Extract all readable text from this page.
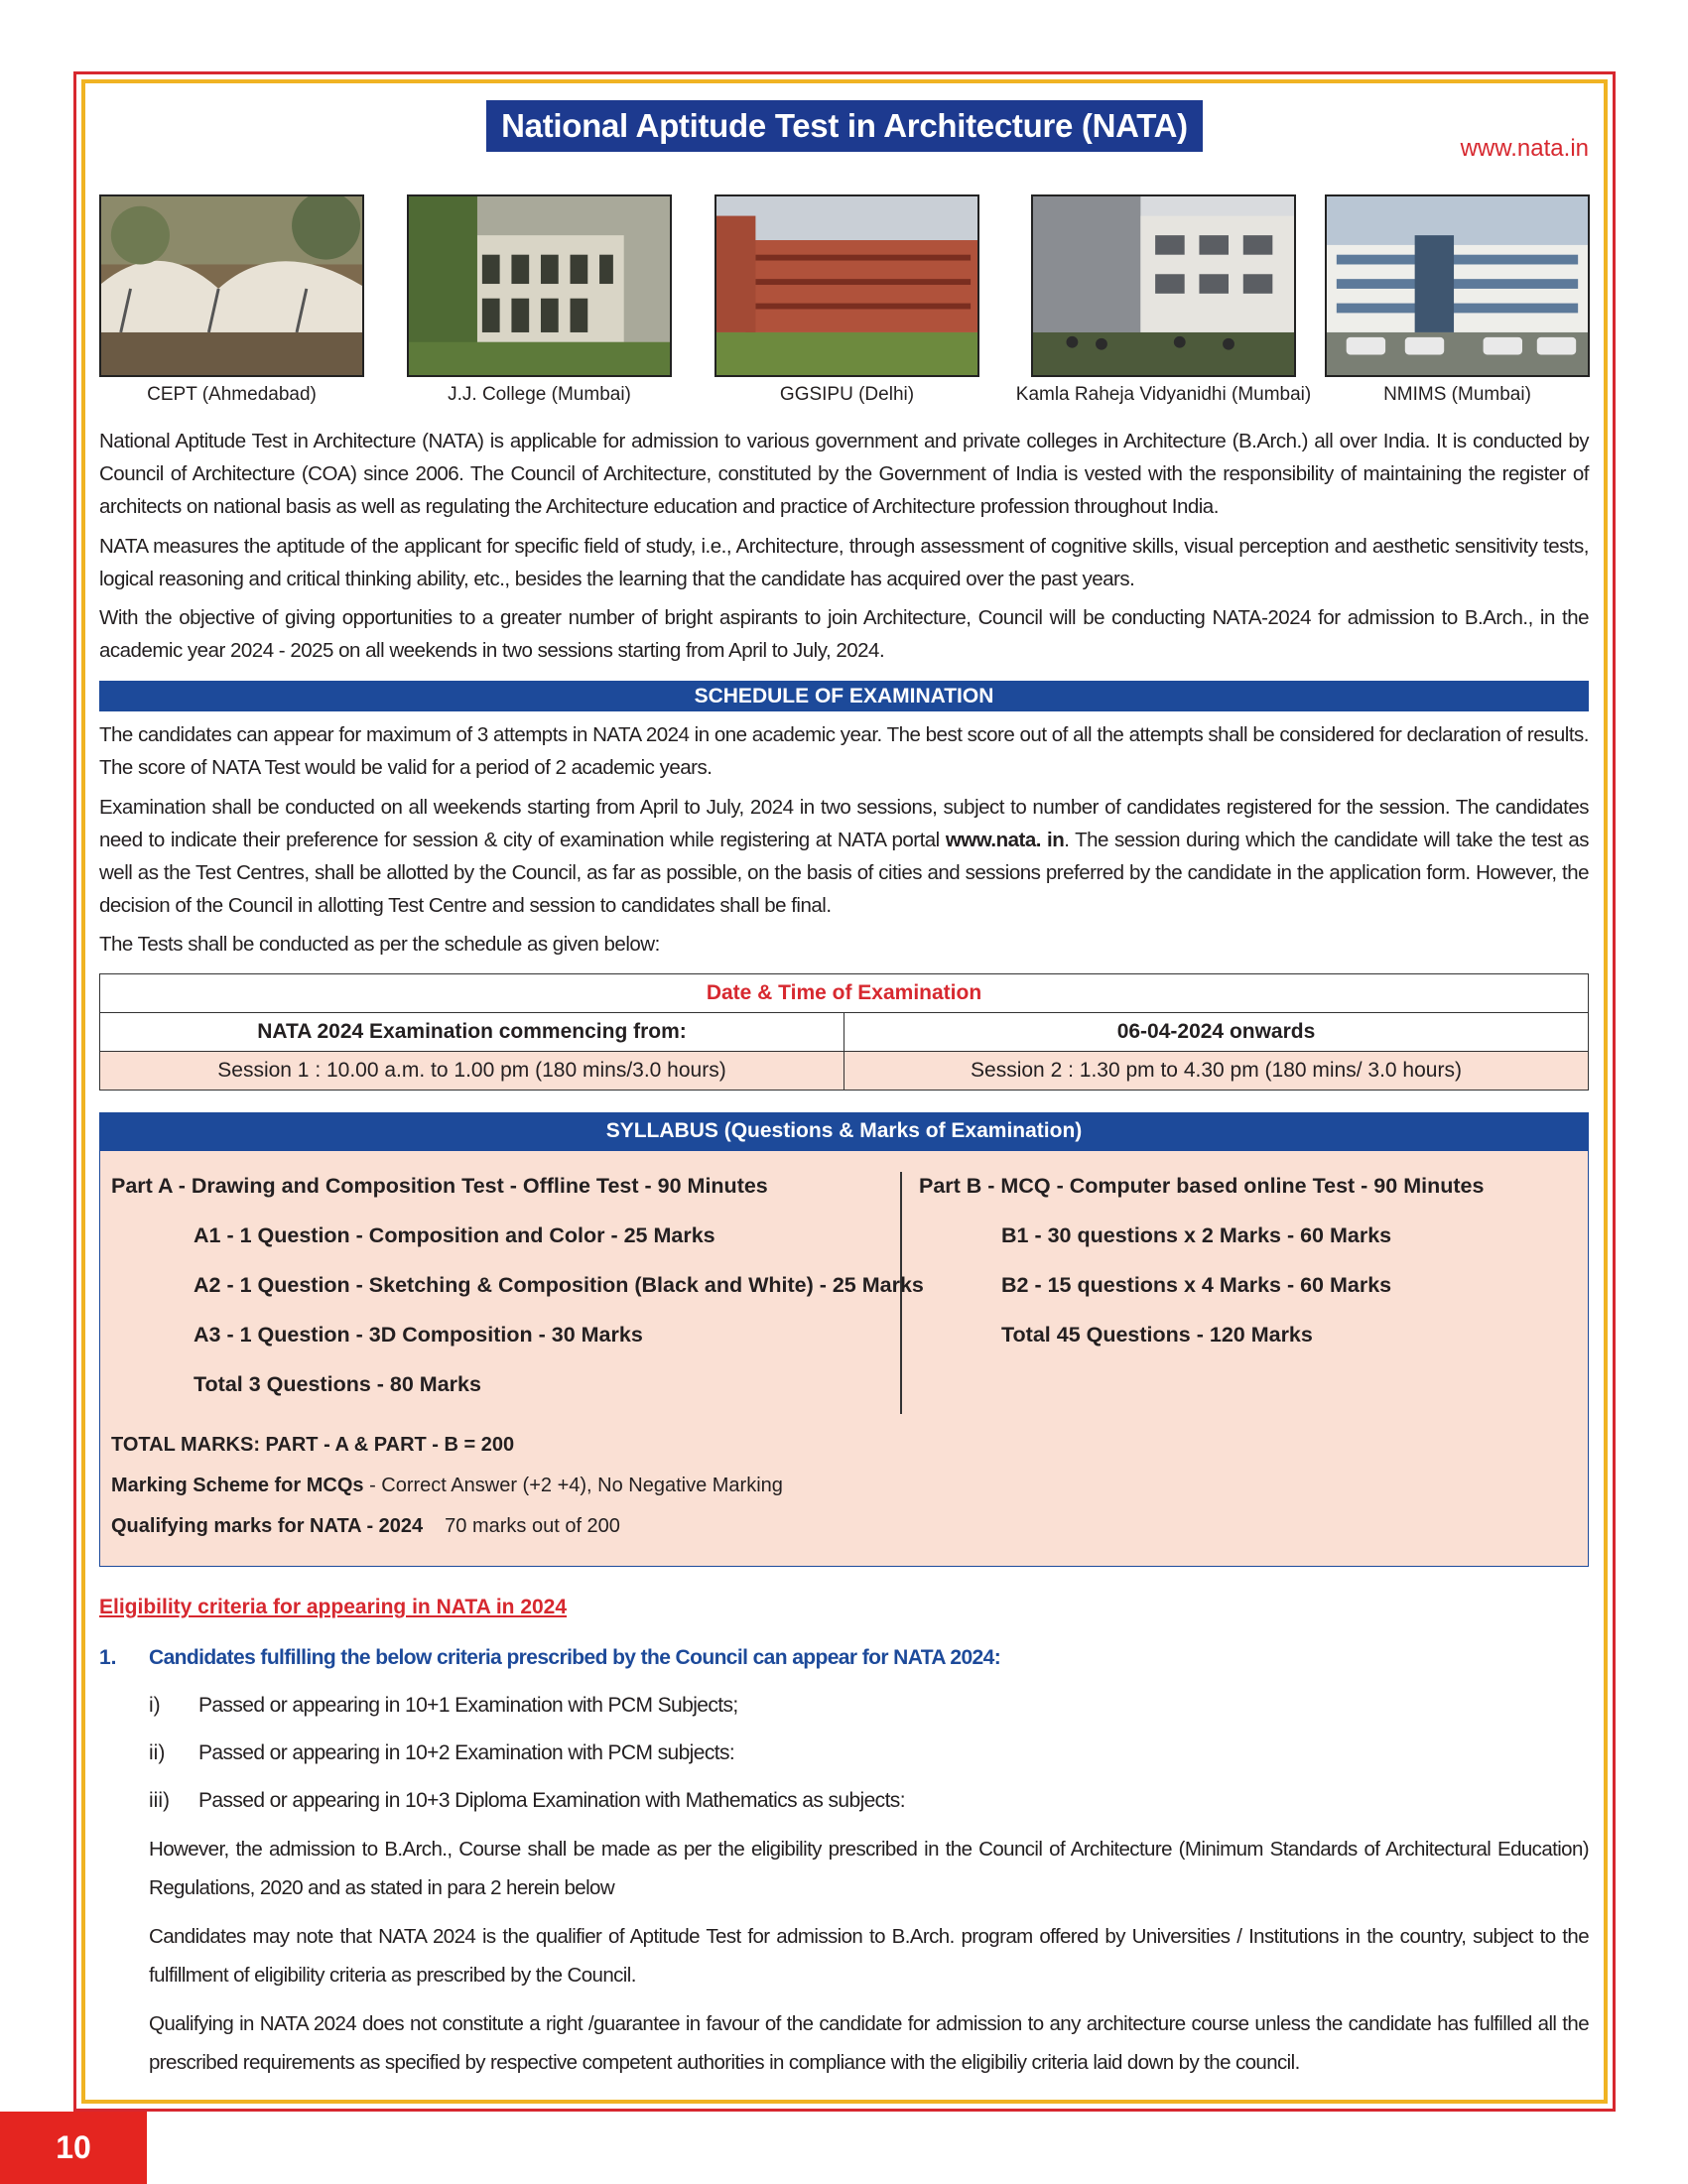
National Aptitude Test in Architecture (NATA)
www.nata.in
CEPT (Ahmedabad)	J.J. College (Mumbai)	GGSIPU (Delhi)	Kamla Raheja Vidyanidhi (Mumbai)	NMIMS (Mumbai)
National Aptitude Test in Architecture (NATA) is applicable for admission to various government and private colleges in Architecture (B.Arch.) all over India. It is conducted by Council of Architecture (COA) since 2006. The Council of Architecture, constituted by the Government of India is vested with the responsibility of maintaining the register of architects on national basis as well as regulating the Architecture education and practice of Architecture profession throughout India.
NATA measures the aptitude of the applicant for specific field of study, i.e., Architecture, through assessment of cognitive skills, visual perception and aesthetic sensitivity tests, logical reasoning and critical thinking ability, etc., besides the learning that the candidate has acquired over the past years.
With the objective of giving opportunities to a greater number of bright aspirants to join Architecture, Council will be conducting NATA-2024 for admission to B.Arch., in the academic year 2024 - 2025 on all weekends in two sessions starting from April to July, 2024.
SCHEDULE OF EXAMINATION
The candidates can appear for maximum of 3 attempts in NATA 2024 in one academic year. The best score out of all the attempts shall be considered for declaration of results. The score of NATA Test would be valid for a period of 2 academic years.
Examination shall be conducted on all weekends starting from April to July, 2024 in two sessions, subject to number of candidates registered for the session. The candidates need to indicate their preference for session & city of examination while registering at NATA portal www.nata. in. The session during which the candidate will take the test as well as the Test Centres, shall be allotted by the Council, as far as possible, on the basis of cities and sessions preferred by the candidate in the application form. However, the decision of the Council in allotting Test Centre and session to candidates shall be final.
The Tests shall be conducted as per the schedule as given below:
Date & Time of Examination	
NATA 2024 Examination commencing from:	06-04-2024 onwards
Session 1 : 10.00 a.m. to 1.00 pm (180 mins/3.0 hours)	Session 2 : 1.30 pm to 4.30 pm (180 mins/ 3.0 hours)
SYLLABUS (Questions & Marks of Examination)
Part A - Drawing and Composition Test - Offline Test - 90 Minutes
A1 - 1 Question - Composition and Color - 25 Marks
A2 - 1 Question - Sketching & Composition (Black and White) - 25 Marks
A3 - 1 Question - 3D Composition - 30 Marks
Total 3 Questions - 80 Marks
Part B - MCQ - Computer based online Test - 90 Minutes
B1 - 30 questions x 2 Marks - 60 Marks
B2 - 15 questions x 4 Marks - 60 Marks
Total 45 Questions - 120 Marks
TOTAL MARKS: PART - A & PART - B = 200
Marking Scheme for MCQs - Correct Answer (+2 +4), No Negative Marking
Qualifying marks for NATA - 2024 70 marks out of 200
Eligibility criteria for appearing in NATA in 2024
1. Candidates fulfilling the below criteria prescribed by the Council can appear for NATA 2024:
i) Passed or appearing in 10+1 Examination with PCM Subjects;
ii) Passed or appearing in 10+2 Examination with PCM subjects:
iii) Passed or appearing in 10+3 Diploma Examination with Mathematics as subjects:
However, the admission to B.Arch., Course shall be made as per the eligibility prescribed in the Council of Architecture (Minimum Standards of Architectural Education) Regulations, 2020 and as stated in para 2 herein below
Candidates may note that NATA 2024 is the qualifier of Aptitude Test for admission to B.Arch. program offered by Universities / Institutions in the country, subject to the fulfillment of eligibility criteria as prescribed by the Council.
Qualifying in NATA 2024 does not constitute a right /guarantee in favour of the candidate for admission to any architecture course unless the candidate has fulfilled all the prescribed requirements as specified by respective competent authorities in compliance with the eligibiliy criteria laid down by the council.
10
